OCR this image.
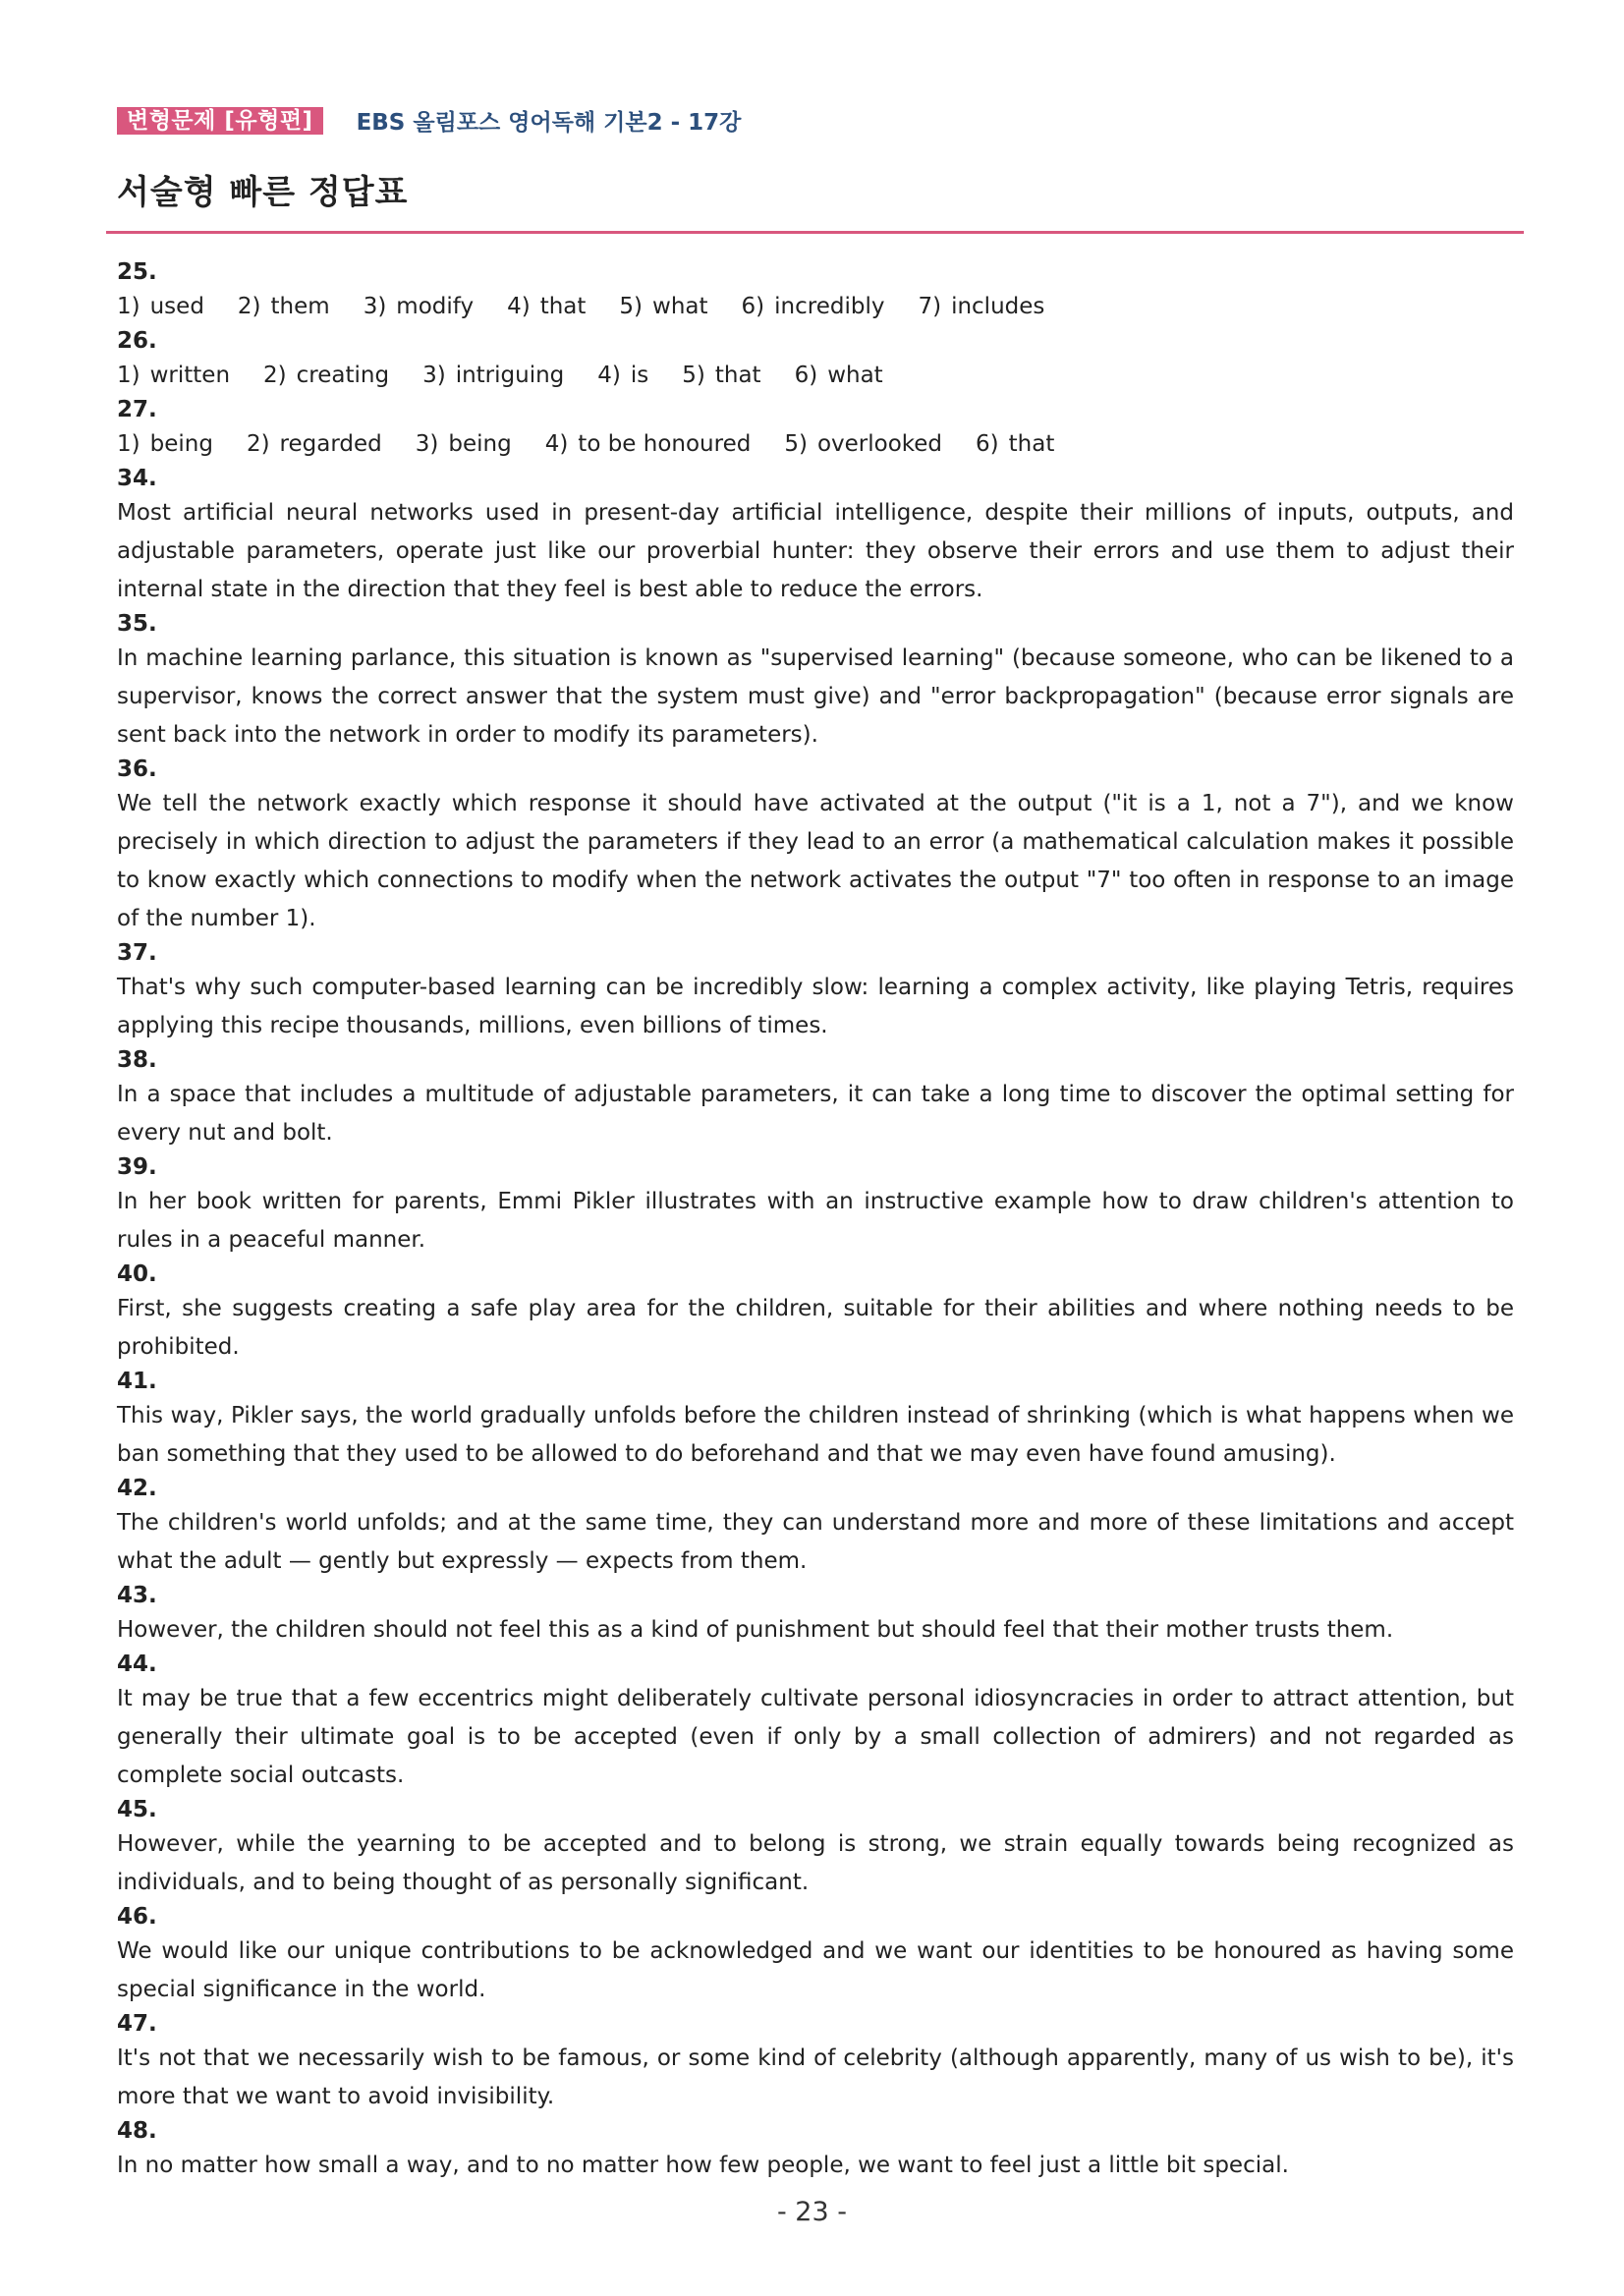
변형문제 [유형편]	EBS 올림포스 영어독해 기본2 - 17강
서술형 빠른 정답표
25.
1) used 2) them 3) modify 4) that 5) what 6) incredibly 7) includes
26.
1) written 2) creating 3) intriguing 4) is 5) that 6) what
27.
1) being 2) regarded 3) being 4) to be honoured 5) overlooked 6) that
34.
Most artificial neural networks used in present-day artificial intelligence, despite their millions of inputs, outputs, and adjustable parameters, operate just like our proverbial hunter: they observe their errors and use them to adjust their internal state in the direction that they feel is best able to reduce the errors.
35.
In machine learning parlance, this situation is known as "supervised learning" (because someone, who can be likened to a supervisor, knows the correct answer that the system must give) and "error backpropagation" (because error signals are sent back into the network in order to modify its parameters).
36.
We tell the network exactly which response it should have activated at the output ("it is a 1, not a 7"), and we know precisely in which direction to adjust the parameters if they lead to an error (a mathematical calculation makes it possible to know exactly which connections to modify when the network activates the output "7" too often in response to an image of the number 1).
37.
That's why such computer-based learning can be incredibly slow: learning a complex activity, like playing Tetris, requires applying this recipe thousands, millions, even billions of times.
38.
In a space that includes a multitude of adjustable parameters, it can take a long time to discover the optimal setting for every nut and bolt.
39.
In her book written for parents, Emmi Pikler illustrates with an instructive example how to draw children's attention to rules in a peaceful manner.
40.
First, she suggests creating a safe play area for the children, suitable for their abilities and where nothing needs to be prohibited.
41.
This way, Pikler says, the world gradually unfolds before the children instead of shrinking (which is what happens when we ban something that they used to be allowed to do beforehand and that we may even have found amusing).
42.
The children's world unfolds; and at the same time, they can understand more and more of these limitations and accept what the adult — gently but expressly — expects from them.
43.
However, the children should not feel this as a kind of punishment but should feel that their mother trusts them.
44.
It may be true that a few eccentrics might deliberately cultivate personal idiosyncracies in order to attract attention, but generally their ultimate goal is to be accepted (even if only by a small collection of admirers) and not regarded as complete social outcasts.
45.
However, while the yearning to be accepted and to belong is strong, we strain equally towards being recognized as individuals, and to being thought of as personally significant.
46.
We would like our unique contributions to be acknowledged and we want our identities to be honoured as having some special significance in the world.
47.
It's not that we necessarily wish to be famous, or some kind of celebrity (although apparently, many of us wish to be), it's more that we want to avoid invisibility.
48.
In no matter how small a way, and to no matter how few people, we want to feel just a little bit special.
- 23 -
